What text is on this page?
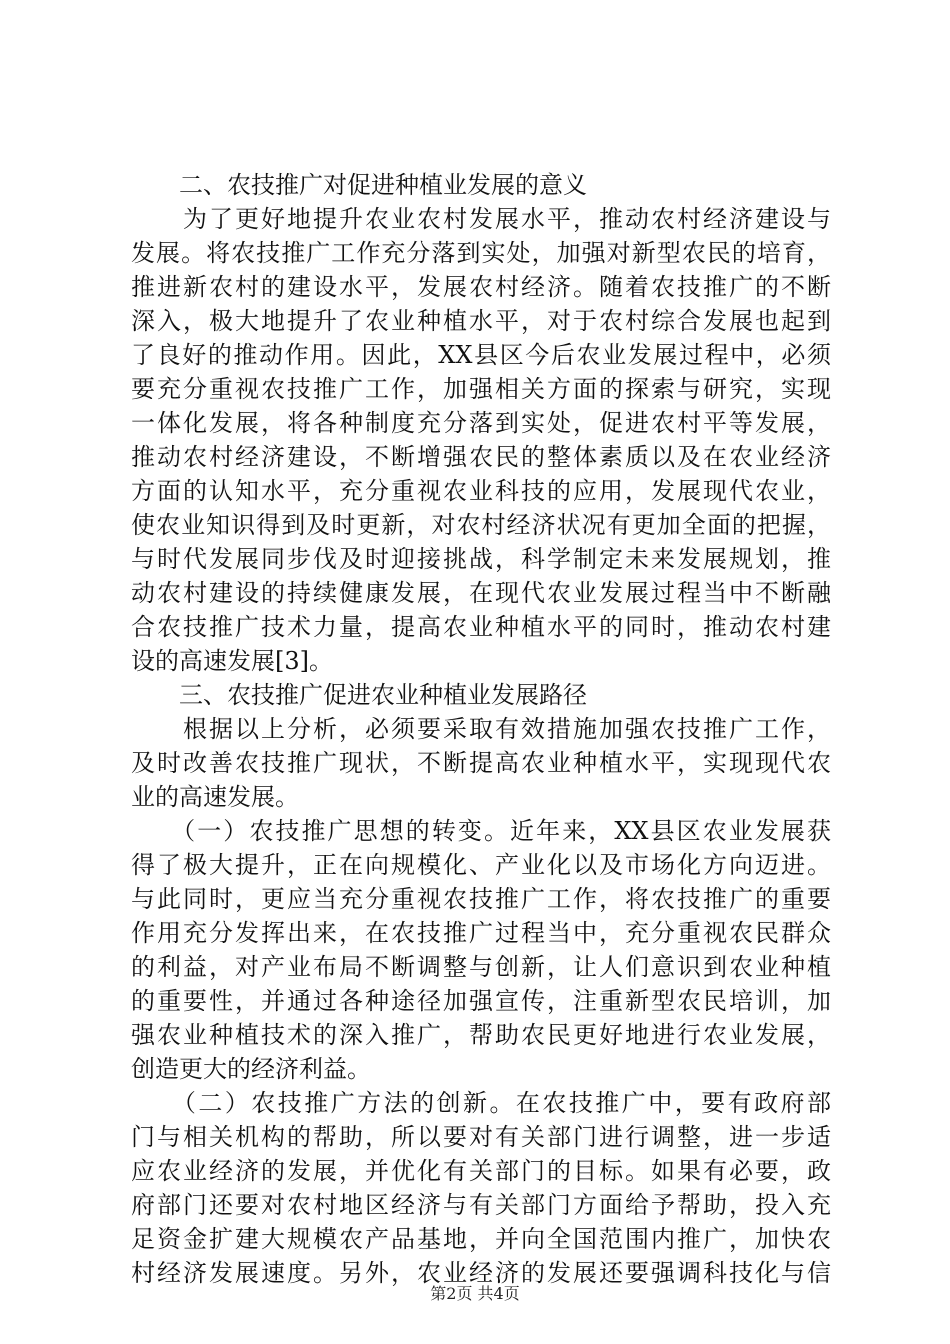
　　二、农技推广对促进种植业发展的意义
　　为了更好地提升农业农村发展水平，推动农村经济建设与
发展。将农技推广工作充分落到实处，加强对新型农民的培育，
推进新农村的建设水平，发展农村经济。随着农技推广的不断
深入，极大地提升了农业种植水平，对于农村综合发展也起到
了良好的推动作用。因此，XX县区今后农业发展过程中，必须
要充分重视农技推广工作，加强相关方面的探索与研究，实现
一体化发展，将各种制度充分落到实处，促进农村平等发展，
推动农村经济建设，不断增强农民的整体素质以及在农业经济
方面的认知水平，充分重视农业科技的应用，发展现代农业，
使农业知识得到及时更新，对农村经济状况有更加全面的把握，
与时代发展同步伐及时迎接挑战，科学制定未来发展规划，推
动农村建设的持续健康发展，在现代农业发展过程当中不断融
合农技推广技术力量，提高农业种植水平的同时，推动农村建
设的高速发展[3]。
　　三、农技推广促进农业种植业发展路径
　　根据以上分析，必须要采取有效措施加强农技推广工作，
及时改善农技推广现状，不断提高农业种植水平，实现现代农
业的高速发展。
　　（一）农技推广思想的转变。近年来，XX县区农业发展获
得了极大提升，正在向规模化、产业化以及市场化方向迈进。
与此同时，更应当充分重视农技推广工作，将农技推广的重要
作用充分发挥出来，在农技推广过程当中，充分重视农民群众
的利益，对产业布局不断调整与创新，让人们意识到农业种植
的重要性，并通过各种途径加强宣传，注重新型农民培训，加
强农业种植技术的深入推广，帮助农民更好地进行农业发展，
创造更大的经济利益。
　　（二）农技推广方法的创新。在农技推广中，要有政府部
门与相关机构的帮助，所以要对有关部门进行调整，进一步适
应农业经济的发展，并优化有关部门的目标。如果有必要，政
府部门还要对农村地区经济与有关部门方面给予帮助，投入充
足资金扩建大规模农产品基地，并向全国范围内推广，加快农
村经济发展速度。另外，农业经济的发展还要强调科技化与信
第2页 共4页
